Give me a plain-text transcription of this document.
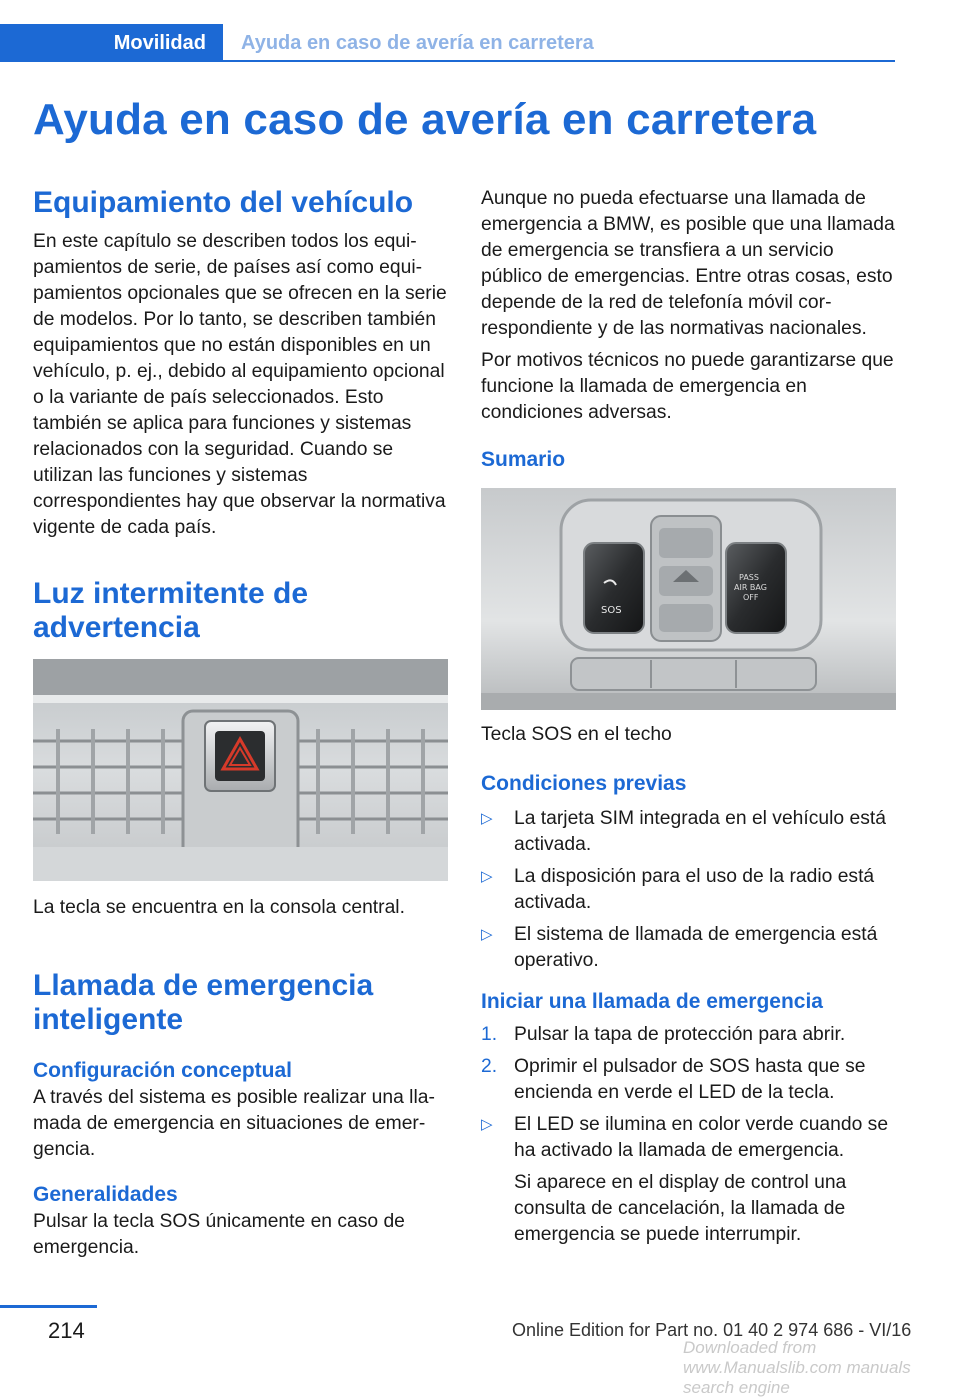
Movilidad	Ayuda en caso de avería en carretera
Ayuda en caso de avería en carretera
Equipamiento del vehículo

En este capítulo se describen todos los equipamientos de serie, de países así como equipamientos opcionales que se ofrecen en la serie de modelos. Por lo tanto, se describen también equipamientos que no están disponibles en un vehículo, p. ej., debido al equipamiento opcional o la variante de país seleccionados. Esto también se aplica para funciones y sistemas relacionados con la seguridad. Cuando se utilizan las funciones y sistemas correspondientes hay que observar la normativa vigente de cada país.

Luz intermitente de advertencia

La tecla se encuentra en la consola central.

Llamada de emergencia inteligente
Configuración conceptual

A través del sistema es posible realizar una llamada de emergencia en situaciones de emergencia.

Generalidades

Pulsar la tecla SOS únicamente en caso de emergencia.

Aunque no pueda efectuarse una llamada de emergencia a BMW, es posible que una llamada de emergencia se transfiera a un servicio público de emergencias. Entre otras cosas, esto depende de la red de telefonía móvil correspondiente y de las normativas nacionales.

Por motivos técnicos no puede garantizarse que funcione la llamada de emergencia en condiciones adversas.

Sumario
SOS
PASS
AIR BAG
OFF

Tecla SOS en el techo

Condiciones previas
▷ La tarjeta SIM integrada en el vehículo está activada.
▷ La disposición para el uso de la radio está activada.
▷ El sistema de llamada de emergencia está operativo.
Iniciar una llamada de emergencia
1. Pulsar la tapa de protección para abrir.
2. Oprimir el pulsador de SOS hasta que se encienda en verde el LED de la tecla.
▷ El LED se ilumina en color verde cuando se ha activado la llamada de emergencia.

Si aparece en el display de control una consulta de cancelación, la llamada de emergencia se puede interrumpir.

214	Online Edition for Part no. 01 40 2 974 686 - VI/16
Downloaded from www.Manualslib.com manuals search engine
